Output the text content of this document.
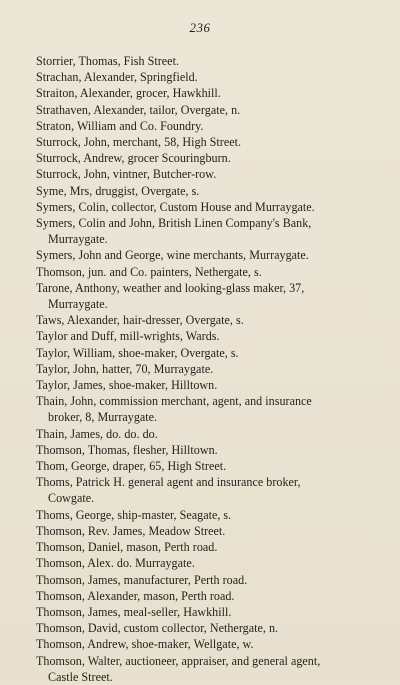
236
Storrier, Thomas, Fish Street.
Strachan, Alexander, Springfield.
Straiton, Alexander, grocer, Hawkhill.
Strathaven, Alexander, tailor, Overgate, n.
Straton, William and Co. Foundry.
Sturrock, John, merchant, 58, High Street.
Sturrock, Andrew, grocer Scouringburn.
Sturrock, John, vintner, Butcher-row.
Syme, Mrs, druggist, Overgate, s.
Symers, Colin, collector, Custom House and Murraygate.
Symers, Colin and John, British Linen Company's Bank,
Murraygate.
Symers, John and George, wine merchants, Murraygate.
Thomson, jun. and Co. painters, Nethergate, s.
Tarone, Anthony, weather and looking-glass maker, 37,
Murraygate.
Taws, Alexander, hair-dresser, Overgate, s.
Taylor and Duff, mill-wrights, Wards.
Taylor, William, shoe-maker, Overgate, s.
Taylor, John, hatter, 70, Murraygate.
Taylor, James, shoe-maker, Hilltown.
Thain, John, commission merchant, agent, and insurance
broker, 8, Murraygate.
Thain, James, do. do. do.
Thomson, Thomas, flesher, Hilltown.
Thom, George, draper, 65, High Street.
Thoms, Patrick H. general agent and insurance broker,
Cowgate.
Thoms, George, ship-master, Seagate, s.
Thomson, Rev. James, Meadow Street.
Thomson, Daniel, mason, Perth road.
Thomson, Alex. do. Murraygate.
Thomson, James, manufacturer, Perth road.
Thomson, Alexander, mason, Perth road.
Thomson, James, meal-seller, Hawkhill.
Thomson, David, custom collector, Nethergate, n.
Thomson, Andrew, shoe-maker, Wellgate, w.
Thomson, Walter, auctioneer, appraiser, and general agent,
Castle Street.
